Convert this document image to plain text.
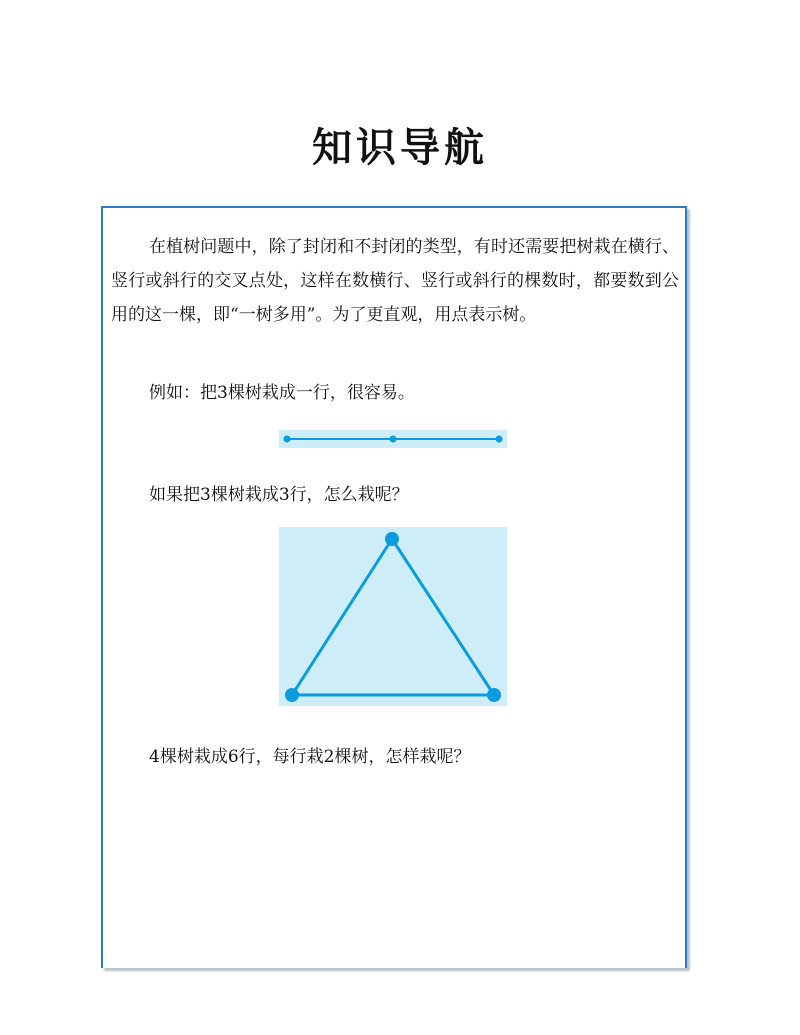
知识导航

在植树问题中，除了封闭和不封闭的类型，有时还需要把树栽在横行、竖行或斜行的交叉点处，这样在数横行、竖行或斜行的棵数时，都要数到公用的这一棵，即“一树多用”。为了更直观，用点表示树。

例如：把3棵树栽成一行，很容易。

如果把3棵树栽成3行，怎么栽呢？

4棵树栽成6行，每行栽2棵树，怎样栽呢？
